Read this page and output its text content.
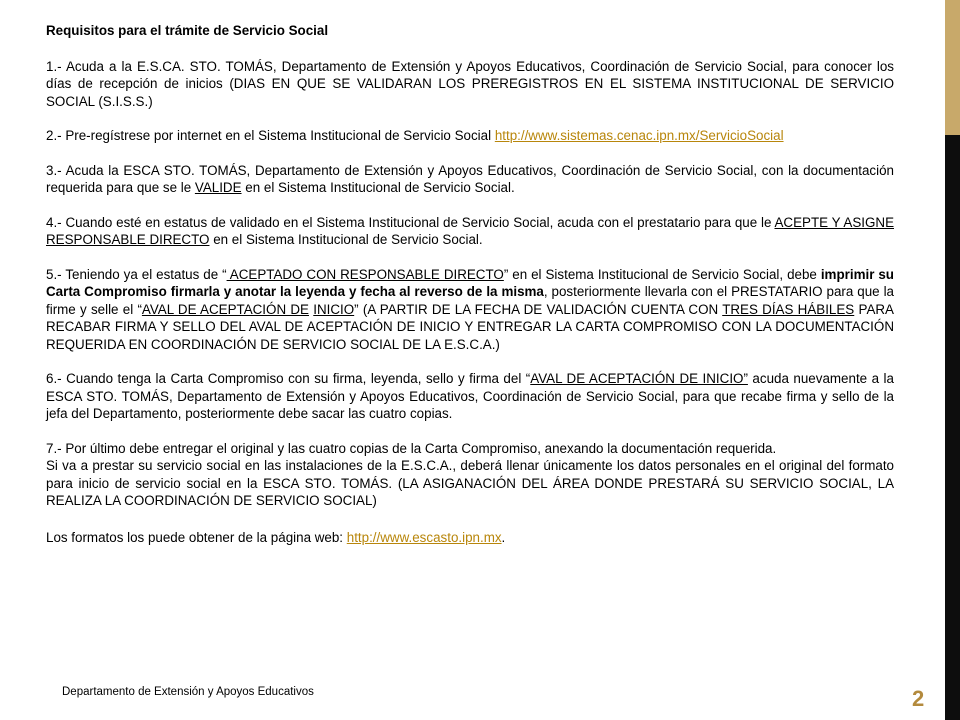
Requisitos para el trámite de Servicio Social

1.- Acuda a la E.S.CA. STO. TOMÁS, Departamento de Extensión y Apoyos Educativos, Coordinación de Servicio Social, para conocer los días de recepción de inicios (DIAS EN QUE SE VALIDARAN LOS PREREGISTROS EN EL SISTEMA INSTITUCIONAL DE SERVICIO SOCIAL (S.I.S.S.)

2.- Pre-regístrese por internet en el Sistema Institucional de Servicio Social http://www.sistemas.cenac.ipn.mx/ServicioSocial

3.- Acuda la ESCA STO. TOMÁS, Departamento de Extensión y Apoyos Educativos, Coordinación de Servicio Social, con la documentación requerida para que se le VALIDE en el Sistema Institucional de Servicio Social.

4.- Cuando esté en estatus de validado en el Sistema Institucional de Servicio Social, acuda con el prestatario para que le ACEPTE Y ASIGNE RESPONSABLE DIRECTO en el Sistema Institucional de Servicio Social.

5.- Teniendo ya el estatus de “ ACEPTADO CON RESPONSABLE DIRECTO” en el Sistema Institucional de Servicio Social, debe imprimir su Carta Compromiso firmarla y anotar la leyenda y fecha al reverso de la misma, posteriormente llevarla con el PRESTATARIO para que la firme y selle el “AVAL DE ACEPTACIÓN DE INICIO” (A PARTIR DE LA FECHA DE VALIDACIÓN CUENTA CON TRES DÍAS HÁBILES PARA RECABAR FIRMA Y SELLO DEL AVAL DE ACEPTACIÓN DE INICIO Y ENTREGAR LA CARTA COMPROMISO CON LA DOCUMENTACIÓN REQUERIDA EN COORDINACIÓN DE SERVICIO SOCIAL DE LA E.S.C.A.)

6.- Cuando tenga la Carta Compromiso con su firma, leyenda, sello y firma del “AVAL DE ACEPTACIÓN DE INICIO” acuda nuevamente a la ESCA STO. TOMÁS, Departamento de Extensión y Apoyos Educativos, Coordinación de Servicio Social, para que recabe firma y sello de la jefa del Departamento, posteriormente debe sacar las cuatro copias.

7.- Por último debe entregar el original y las cuatro copias de la Carta Compromiso, anexando la documentación requerida.

Si va a prestar su servicio social en las instalaciones de la E.S.C.A., deberá llenar únicamente los datos personales en el original del formato para inicio de servicio social en la ESCA STO. TOMÁS. (LA ASIGANACIÓN DEL ÁREA DONDE PRESTARÁ SU SERVICIO SOCIAL, LA REALIZA LA COORDINACIÓN DE SERVICIO SOCIAL)

Los formatos los puede obtener de la página web: http://www.escasto.ipn.mx.

Departamento de Extensión y Apoyos Educativos	2
